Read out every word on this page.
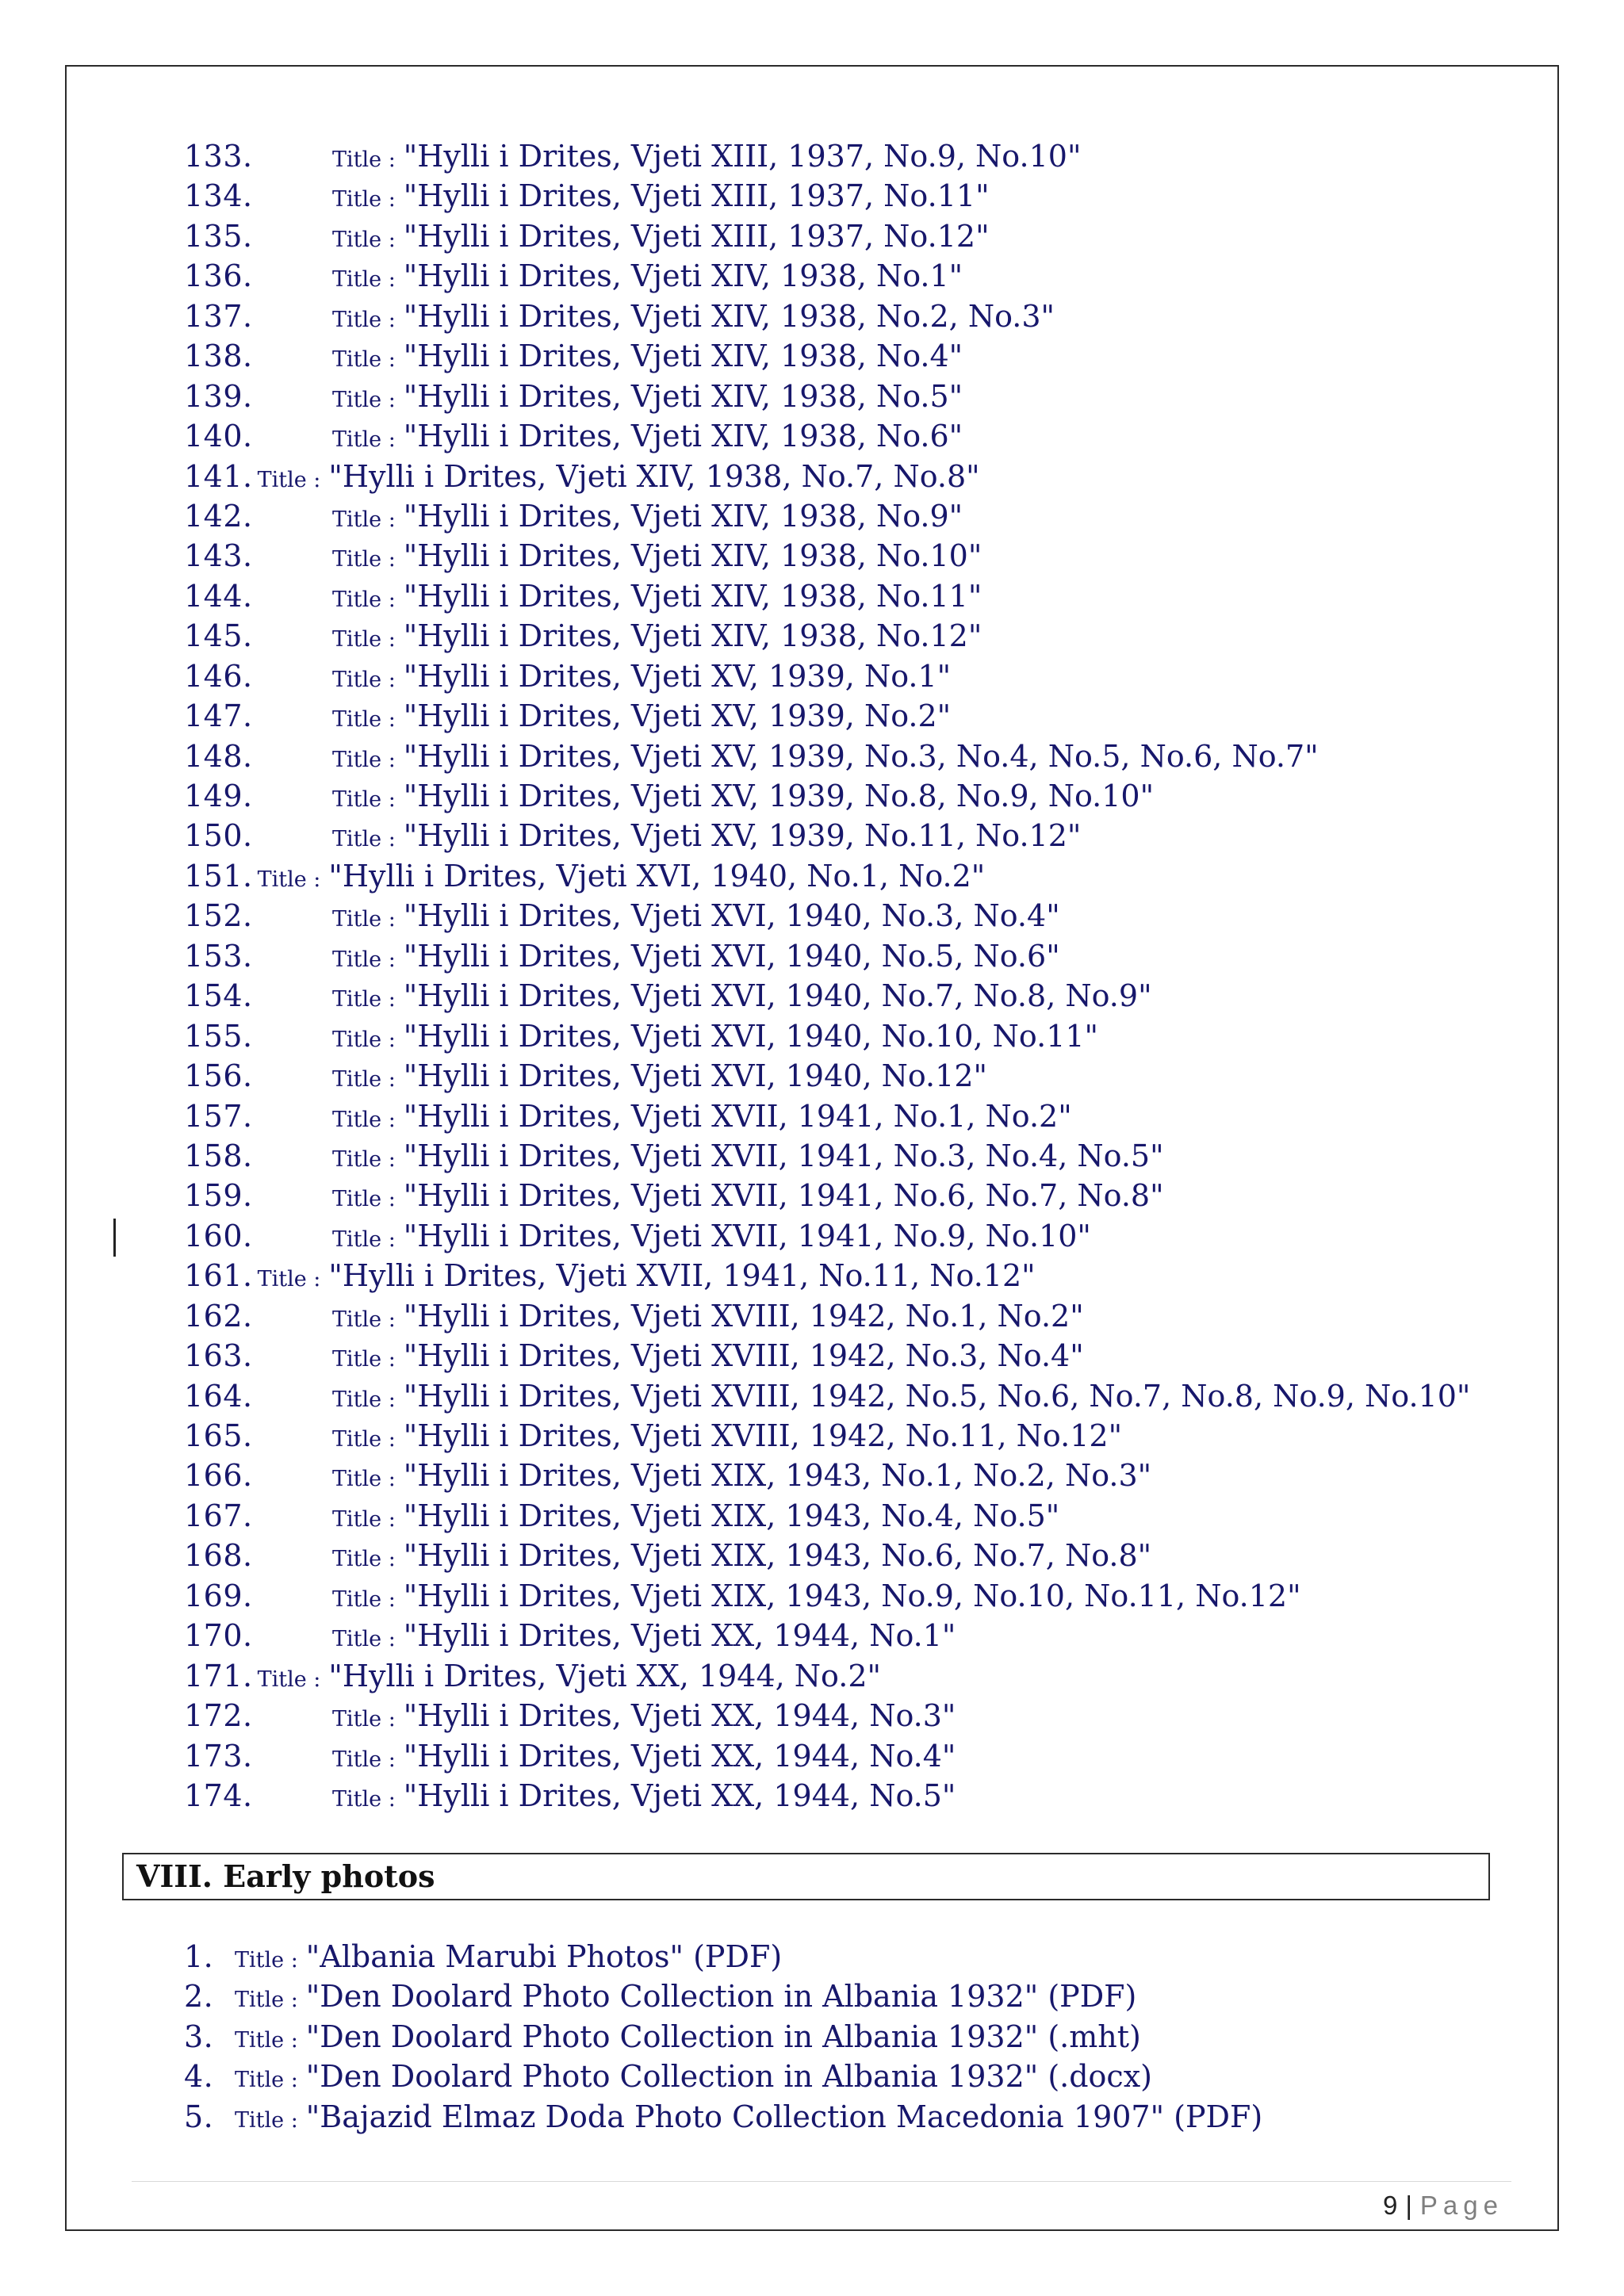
133.	Title : "Hylli i Drites, Vjeti XIII, 1937, No.9, No.10"
134.	Title : "Hylli i Drites, Vjeti XIII, 1937, No.11"
135.	Title : "Hylli i Drites, Vjeti XIII, 1937, No.12"
136.	Title : "Hylli i Drites, Vjeti XIV, 1938, No.1"
137.	Title : "Hylli i Drites, Vjeti XIV, 1938, No.2, No.3"
138.	Title : "Hylli i Drites, Vjeti XIV, 1938, No.4"
139.	Title : "Hylli i Drites, Vjeti XIV, 1938, No.5"
140.	Title : "Hylli i Drites, Vjeti XIV, 1938, No.6"
141. Title : "Hylli i Drites, Vjeti XIV, 1938, No.7, No.8"
142.	Title : "Hylli i Drites, Vjeti XIV, 1938, No.9"
143.	Title : "Hylli i Drites, Vjeti XIV, 1938, No.10"
144.	Title : "Hylli i Drites, Vjeti XIV, 1938, No.11"
145.	Title : "Hylli i Drites, Vjeti XIV, 1938, No.12"
146.	Title : "Hylli i Drites, Vjeti XV, 1939, No.1"
147.	Title : "Hylli i Drites, Vjeti XV, 1939, No.2"
148.	Title : "Hylli i Drites, Vjeti XV, 1939, No.3, No.4, No.5, No.6, No.7"
149.	Title : "Hylli i Drites, Vjeti XV, 1939, No.8, No.9, No.10"
150.	Title : "Hylli i Drites, Vjeti XV, 1939, No.11, No.12"
151. Title : "Hylli i Drites, Vjeti XVI, 1940, No.1, No.2"
152.	Title : "Hylli i Drites, Vjeti XVI, 1940, No.3, No.4"
153.	Title : "Hylli i Drites, Vjeti XVI, 1940, No.5, No.6"
154.	Title : "Hylli i Drites, Vjeti XVI, 1940, No.7, No.8, No.9"
155.	Title : "Hylli i Drites, Vjeti XVI, 1940, No.10, No.11"
156.	Title : "Hylli i Drites, Vjeti XVI, 1940, No.12"
157.	Title : "Hylli i Drites, Vjeti XVII, 1941, No.1, No.2"
158.	Title : "Hylli i Drites, Vjeti XVII, 1941, No.3, No.4, No.5"
159.	Title : "Hylli i Drites, Vjeti XVII, 1941, No.6, No.7, No.8"
160.	Title : "Hylli i Drites, Vjeti XVII, 1941, No.9, No.10"
161. Title : "Hylli i Drites, Vjeti XVII, 1941, No.11, No.12"
162.	Title : "Hylli i Drites, Vjeti XVIII, 1942, No.1, No.2"
163.	Title : "Hylli i Drites, Vjeti XVIII, 1942, No.3, No.4"
164.	Title : "Hylli i Drites, Vjeti XVIII, 1942, No.5, No.6, No.7, No.8, No.9, No.10"
165.	Title : "Hylli i Drites, Vjeti XVIII, 1942, No.11, No.12"
166.	Title : "Hylli i Drites, Vjeti XIX, 1943, No.1, No.2, No.3"
167.	Title : "Hylli i Drites, Vjeti XIX, 1943, No.4, No.5"
168.	Title : "Hylli i Drites, Vjeti XIX, 1943, No.6, No.7, No.8"
169.	Title : "Hylli i Drites, Vjeti XIX, 1943, No.9, No.10, No.11, No.12"
170.	Title : "Hylli i Drites, Vjeti XX, 1944, No.1"
171. Title : "Hylli i Drites, Vjeti XX, 1944, No.2"
172.	Title : "Hylli i Drites, Vjeti XX, 1944, No.3"
173.	Title : "Hylli i Drites, Vjeti XX, 1944, No.4"
174.	Title : "Hylli i Drites, Vjeti XX, 1944, No.5"
VIII. Early photos
1. Title : "Albania Marubi Photos" (PDF)
2. Title : "Den Doolard Photo Collection in Albania 1932" (PDF)
3. Title : "Den Doolard Photo Collection in Albania 1932" (.mht)
4. Title : "Den Doolard Photo Collection in Albania 1932" (.docx)
5. Title : "Bajazid Elmaz Doda Photo Collection Macedonia 1907" (PDF)
9 | Page
